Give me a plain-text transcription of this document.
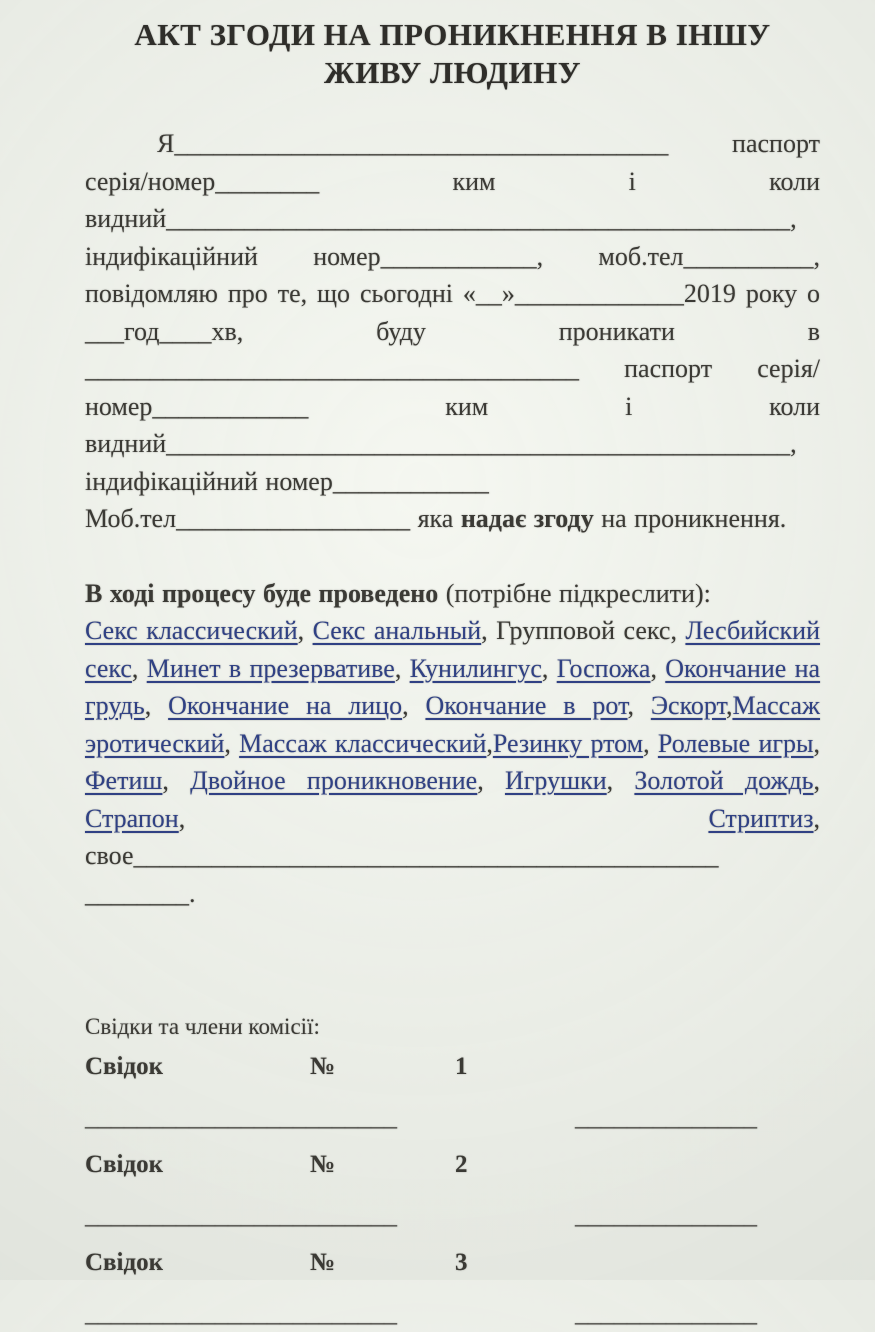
АКТ ЗГОДИ НА ПРОНИКНЕННЯ В ІНШУ ЖИВУ ЛЮДИНУ

Я______________________________________ паспорт серія/номер________ ким і коли видний________________________________________________, індифікаційний номер____________, моб.тел__________, повідомляю про те, що сьогодні «__»_____________2019 року о ___год____хв, буду проникати в ______________________________________ паспорт серія/​номер____________ ким і коли видний________________________________________________, індифікаційний номер____________

Моб.тел__________________ яка надає згоду на проникнення.

В ході процесу буде проведено (потрібне підкреслити):

Секс классический, Секс анальный, Групповой секс, Лесбийский секс, Минет в презервативе, Кунилингус, Госпожа, Окончание на грудь, Окончание на лицо, Окончание в рот, Эскорт,Массаж эротический, Массаж классический,Резинку ртом, Ролевые игры, Фетиш, Двойное проникновение, Игрушки, Золотой дождь, Страпон, Стриптиз, свое_____________________________________________ ________.

Свідки та члени комісії:

Свідок	№	1
________________________	______________
Свідок	№	2
________________________	______________
Свідок	№	3
________________________	______________
